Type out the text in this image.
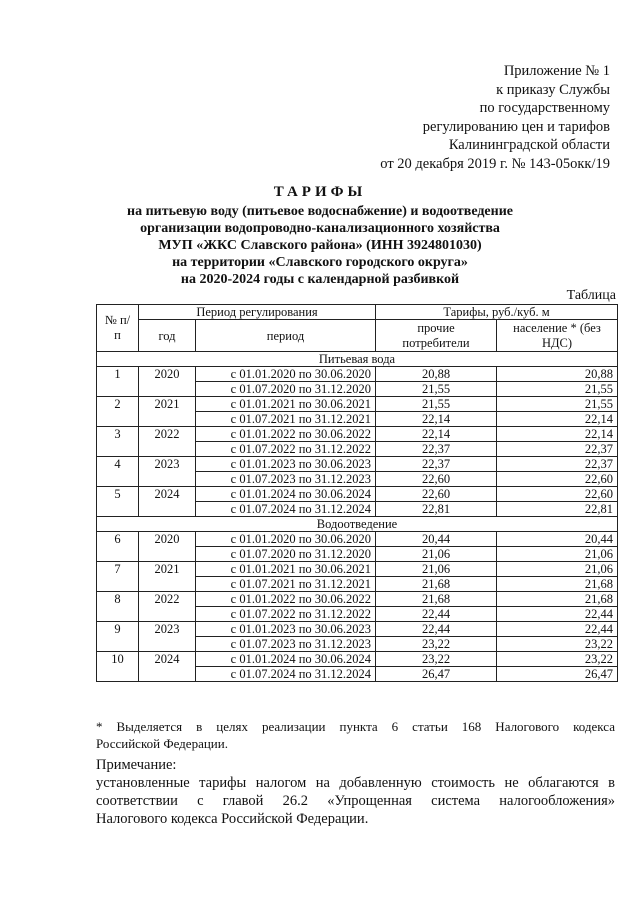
Приложение № 1
к приказу Службы
по государственному
регулированию цен и тарифов
Калининградской области
от 20 декабря 2019 г. № 143-05окк/19
ТАРИФЫ
на питьевую воду (питьевое водоснабжение) и водоотведение
организации водопроводно-канализационного хозяйства
МУП «ЖКС Славского района» (ИНН 3924801030)
на территории «Славского городского округа»
на 2020-2024 годы с календарной разбивкой
Таблица
№ п/п	Период регулирования		Тарифы, руб./куб. м	
	год	период	прочие потребители	население * (без НДС)

Питьевая вода				
1	2020	с 01.01.2020 по 30.06.2020	20,88	20,88
		с 01.07.2020 по 31.12.2020	21,55	21,55
2	2021	с 01.01.2021 по 30.06.2021	21,55	21,55
		с 01.07.2021 по 31.12.2021	22,14	22,14
3	2022	с 01.01.2022 по 30.06.2022	22,14	22,14
		с 01.07.2022 по 31.12.2022	22,37	22,37
4	2023	с 01.01.2023 по 30.06.2023	22,37	22,37
		с 01.07.2023 по 31.12.2023	22,60	22,60
5	2024	с 01.01.2024 по 30.06.2024	22,60	22,60
		с 01.07.2024 по 31.12.2024	22,81	22,81
Водоотведение				
6	2020	с 01.01.2020 по 30.06.2020	20,44	20,44
		с 01.07.2020 по 31.12.2020	21,06	21,06
7	2021	с 01.01.2021 по 30.06.2021	21,06	21,06
		с 01.07.2021 по 31.12.2021	21,68	21,68
8	2022	с 01.01.2022 по 30.06.2022	21,68	21,68
		с 01.07.2022 по 31.12.2022	22,44	22,44
9	2023	с 01.01.2023 по 30.06.2023	22,44	22,44
		с 01.07.2023 по 31.12.2023	23,22	23,22
10	2024	с 01.01.2024 по 30.06.2024	23,22	23,22
		с 01.07.2024 по 31.12.2024	26,47	26,47
*    Выделяется    в    целях    реализации    пункта    6    статьи    168    Налогового    кодекса
Российской Федерации.
Примечание:
установленные тарифы налогом на добавленную стоимость не облагаются в
соответствии с главой 26.2 «Упрощенная система налогообложения»
Налогового кодекса Российской Федерации.
